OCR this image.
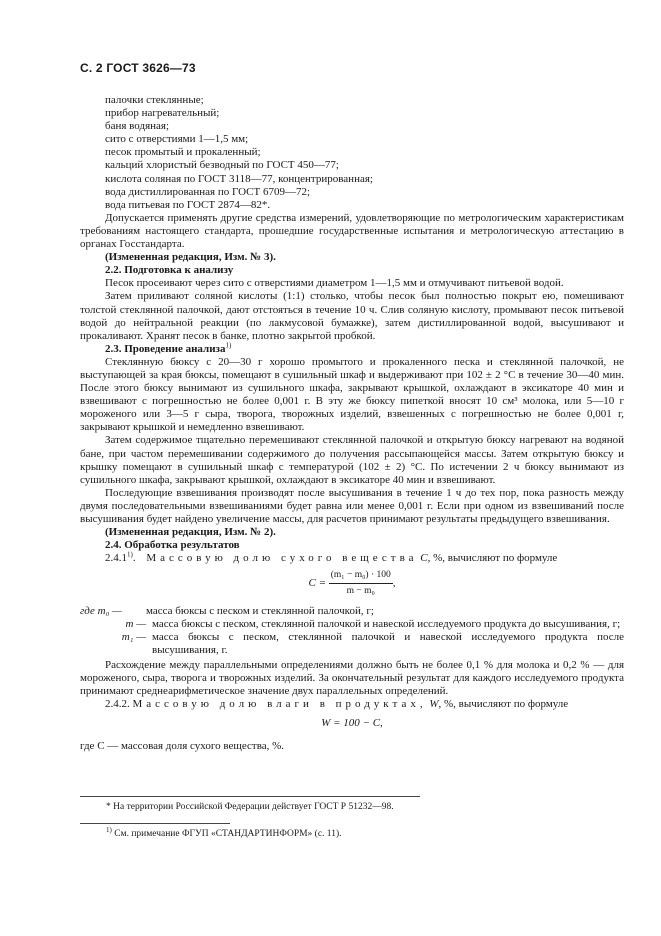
С. 2 ГОСТ 3626—73
палочки стеклянные;
прибор нагревательный;
баня водяная;
сито с отверстиями 1—1,5 мм;
песок промытый и прокаленный;
кальций хлористый безводный по ГОСТ 450—77;
кислота соляная по ГОСТ 3118—77, концентрированная;
вода дистиллированная по ГОСТ 6709—72;
вода питьевая по ГОСТ 2874—82*.

Допускается применять другие средства измерений, удовлетворяющие по метрологическим характеристикам требованиям настоящего стандарта, прошедшие государственные испытания и метрологическую аттестацию в органах Госстандарта.

(Измененная редакция, Изм. № 3).

2.2. Подготовка к анализу

Песок просеивают через сито с отверстиями диаметром 1—1,5 мм и отмучивают питьевой водой.

Затем приливают соляной кислоты (1:1) столько, чтобы песок был полностью покрыт ею, помешивают толстой стеклянной палочкой, дают отстояться в течение 10 ч. Слив соляную кислоту, промывают песок питьевой водой до нейтральной реакции (по лакмусовой бумажке), затем дистиллированной водой, высушивают и прокаливают. Хранят песок в банке, плотно закрытой пробкой.

2.3. Проведение анализа$^{1)}$

Стеклянную бюксу с 20—30 г хорошо промытого и прокаленного песка и стеклянной палочкой, не выступающей за края бюксы, помещают в сушильный шкаф и выдерживают при 102 ± 2 °С в течение 30—40 мин. После этого бюксу вынимают из сушильного шкафа, закрывают крышкой, охлаждают в эксикаторе 40 мин и взвешивают с погрешностью не более 0,001 г. В эту же бюксу пипеткой вносят 10 см³ молока, или 5—10 г мороженого или 3—5 г сыра, творога, творожных изделий, взвешенных с погрешностью не более 0,001 г, закрывают крышкой и немедленно взвешивают.

Затем содержимое тщательно перемешивают стеклянной палочкой и открытую бюксу нагревают на водяной бане, при частом перемешивании содержимого до получения рассыпающейся массы. Затем открытую бюксу и крышку помещают в сушильный шкаф с температурой (102 ± 2) °С. По истечении 2 ч бюксу вынимают из сушильного шкафа, закрывают крышкой, охлаждают в эксикаторе 40 мин и взвешивают.

Последующие взвешивания производят после высушивания в течение 1 ч до тех пор, пока разность между двумя последовательными взвешиваниями будет равна или менее 0,001 г. Если при одном из взвешиваний после высушивания будет найдено увеличение массы, для расчетов принимают результаты предыдущего взвешивания.

(Измененная редакция, Изм. № 2).

2.4. Обработка результатов

2.4.1$^{1)}$. Массовую долю сухого вещества С, %, вычисляют по формуле

$С = \frac{\text{(m₁ − m₀) · 100}}{\text{m − m₀}}$ ,
где m₀ —	масса бюксы с песком и стеклянной палочкой, г;
m — масса бюксы с песком, стеклянной палочкой и навеской исследуемого продукта до высушивания, г;
m₁ — масса бюксы с песком, стеклянной палочкой и навеской исследуемого продукта после высушивания, г.

Расхождение между параллельными определениями должно быть не более 0,1 % для молока и 0,2 % — для мороженого, сыра, творога и творожных изделий. За окончательный результат для каждого исследуемого продукта принимают среднеарифметическое значение двух параллельных определений.

2.4.2. Массовую долю влаги в продуктах, W, %, вычисляют по формуле

W = 100 − С,

где С — массовая доля сухого вещества, %.

* На территории Российской Федерации действует ГОСТ Р 51232—98.
$^{1)}$ См. примечание ФГУП «СТАНДАРТИНФОРМ» (с. 11).
